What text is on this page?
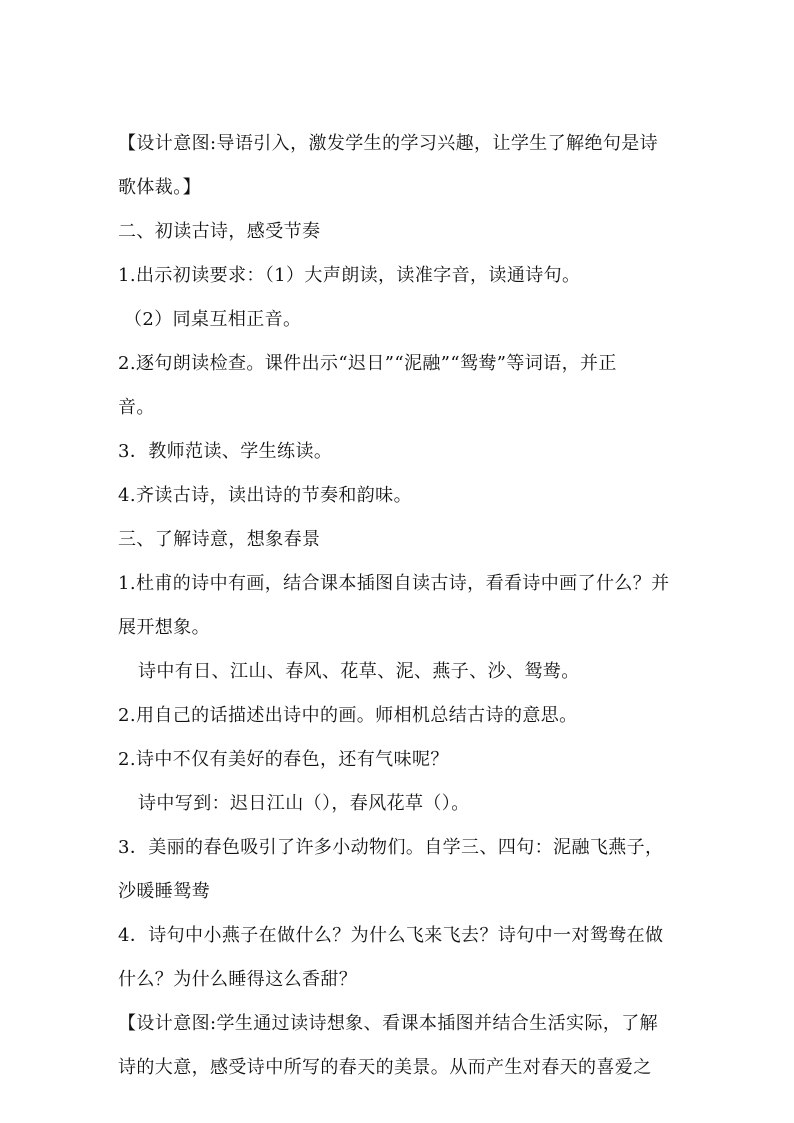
【设计意图:导语引入，激发学生的学习兴趣，让学生了解绝句是诗
歌体裁。】
二、初读古诗，感受节奏
1.出示初读要求：（1）大声朗读，读准字音，读通诗句。
（2）同桌互相正音。
2.逐句朗读检查。课件出示“迟日”“泥融”“鸳鸯”等词语，并正
音。
3．教师范读、学生练读。
4.齐读古诗，读出诗的节奏和韵味。
三、了解诗意，想象春景
1.杜甫的诗中有画，结合课本插图自读古诗，看看诗中画了什么？并
展开想象。
诗中有日、江山、春风、花草、泥、燕子、沙、鸳鸯。
2.用自己的话描述出诗中的画。师相机总结古诗的意思。
2.诗中不仅有美好的春色，还有气味呢？
诗中写到：迟日江山（），春风花草（）。
3．美丽的春色吸引了许多小动物们。自学三、四句：泥融飞燕子，
沙暖睡鸳鸯
4．诗句中小燕子在做什么？为什么飞来飞去？诗句中一对鸳鸯在做
什么？为什么睡得这么香甜？
【设计意图:学生通过读诗想象、看课本插图并结合生活实际，了解
诗的大意，感受诗中所写的春天的美景。从而产生对春天的喜爱之
